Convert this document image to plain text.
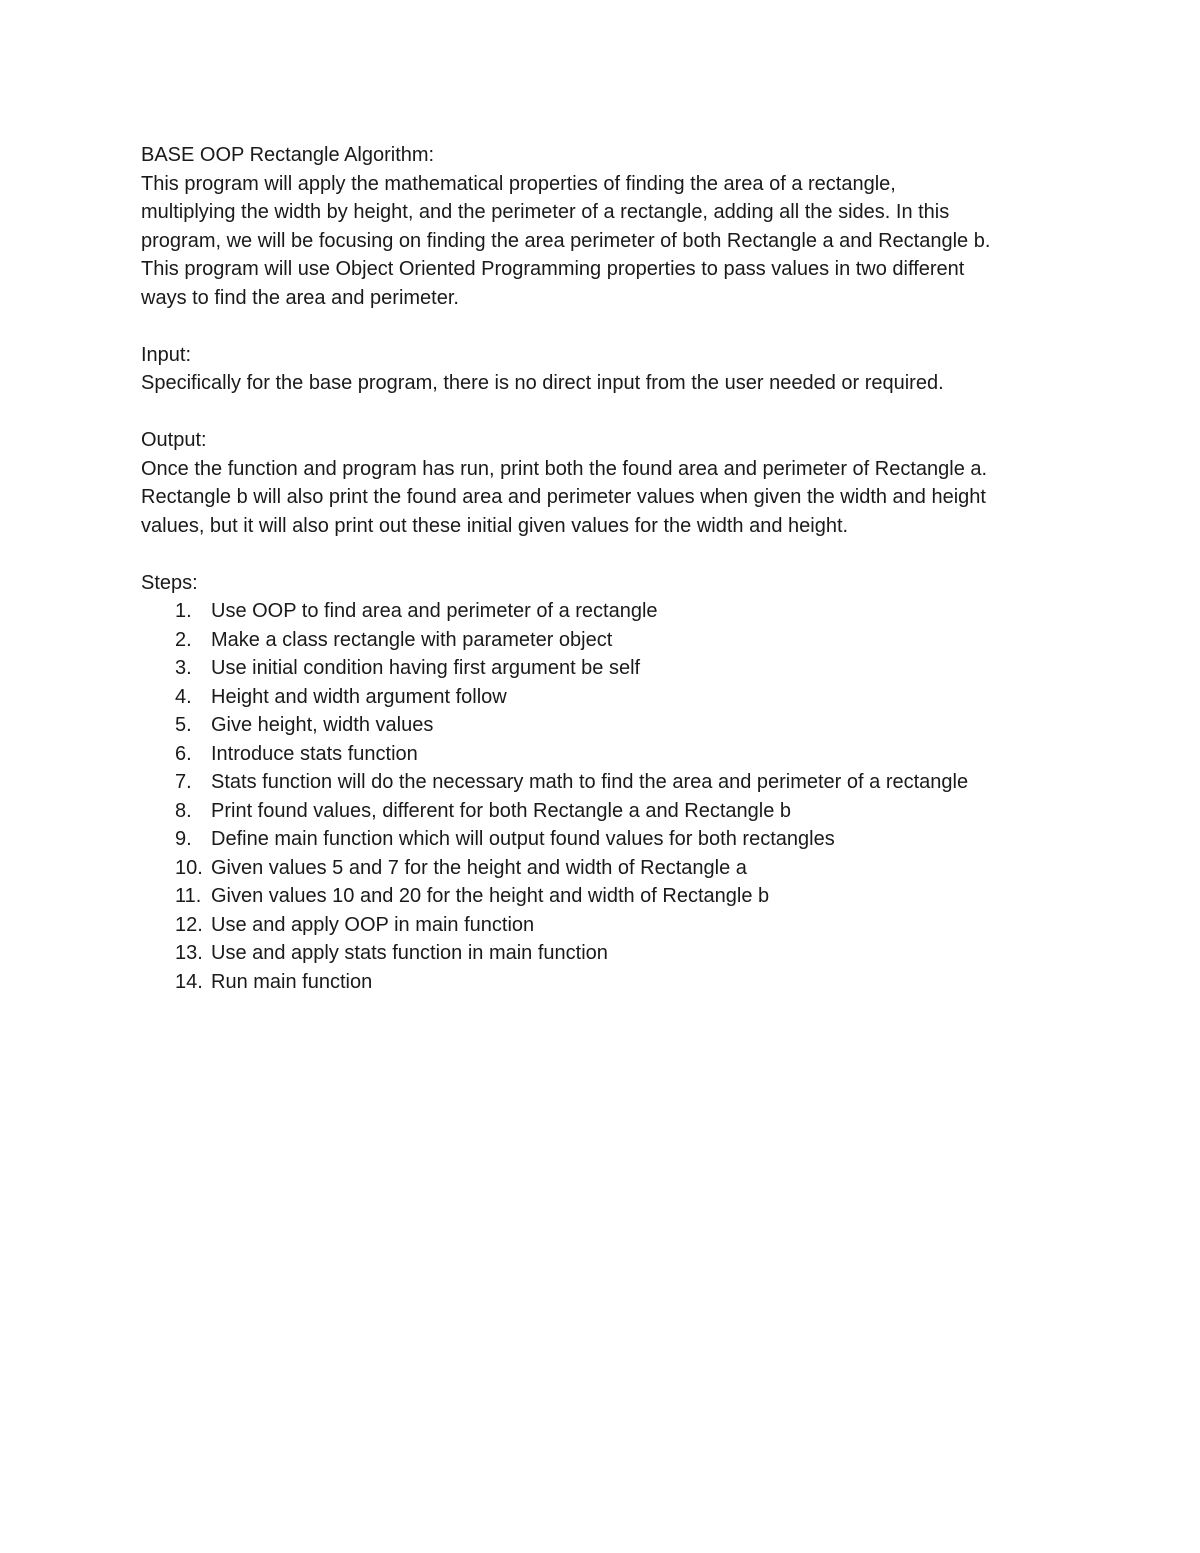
BASE OOP Rectangle Algorithm:

This program will apply the mathematical properties of finding the area of a rectangle,

multiplying the width by height, and the perimeter of a rectangle, adding all the sides. In this

program, we will be focusing on finding the area perimeter of both Rectangle a and Rectangle b.

This program will use Object Oriented Programming properties to pass values in two different

ways to find the area and perimeter.

Input:

Specifically for the base program, there is no direct input from the user needed or required.

Output:

Once the function and program has run, print both the found area and perimeter of Rectangle a.

Rectangle b will also print the found area and perimeter values when given the width and height

values, but it will also print out these initial given values for the width and height.

Steps:

1. Use OOP to find area and perimeter of a rectangle
2. Make a class rectangle with parameter object
3. Use initial condition having first argument be self
4. Height and width argument follow
5. Give height, width values
6. Introduce stats function
7. Stats function will do the necessary math to find the area and perimeter of a rectangle
8. Print found values, different for both Rectangle a and Rectangle b
9. Define main function which will output found values for both rectangles
10. Given values 5 and 7 for the height and width of Rectangle a
11. Given values 10 and 20 for the height and width of Rectangle b
12. Use and apply OOP in main function
13. Use and apply stats function in main function
14. Run main function
